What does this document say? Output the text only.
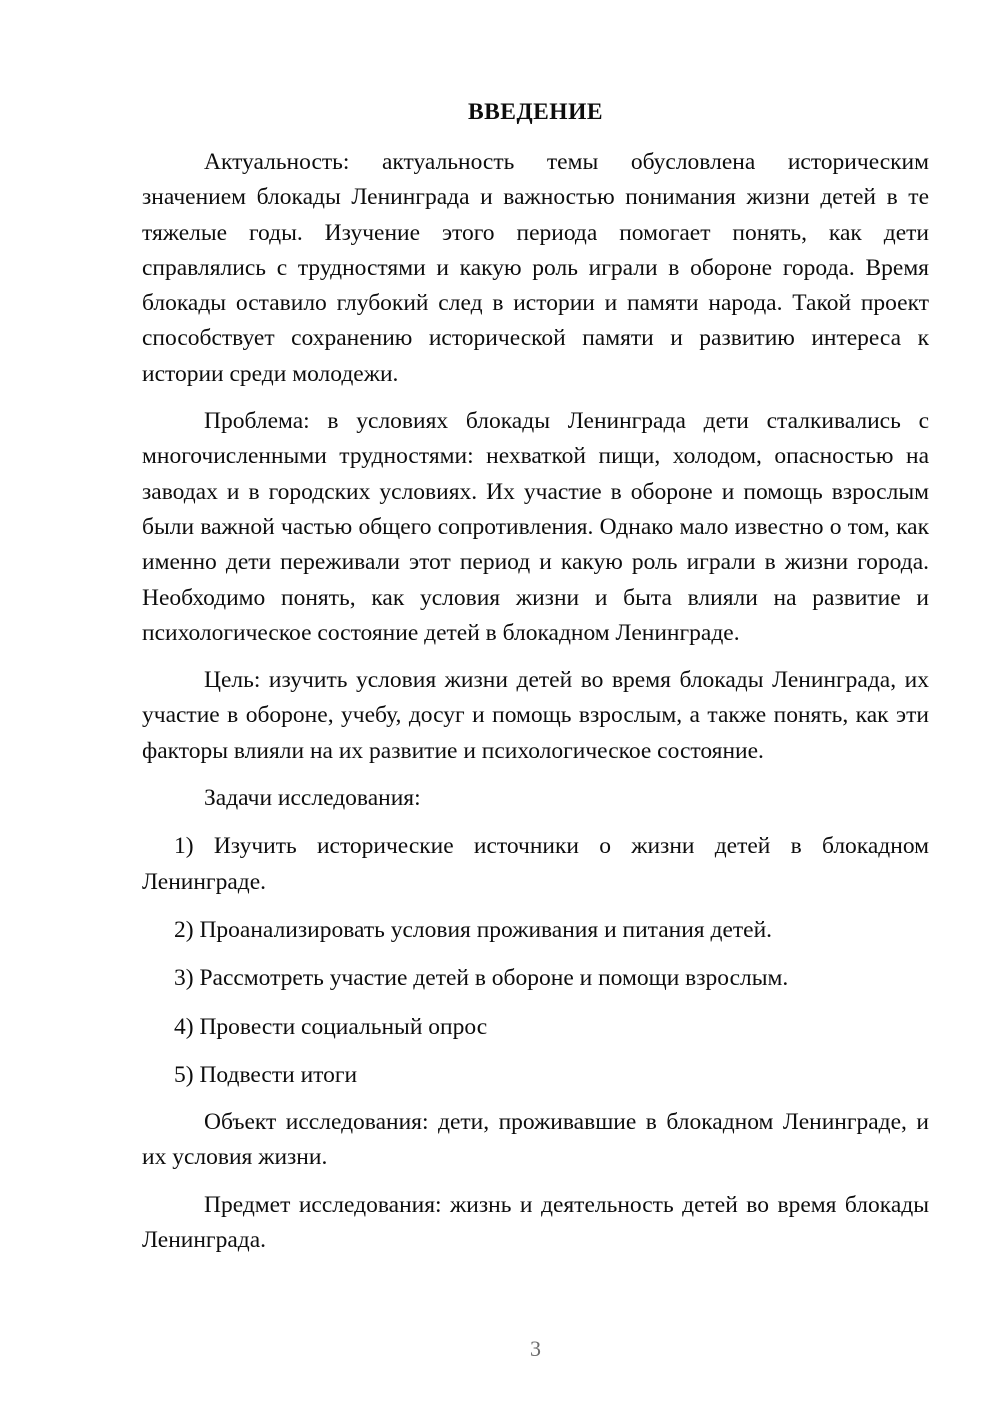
ВВЕДЕНИЕ

Актуальность: актуальность темы обусловлена историческим значением блокады Ленинграда и важностью понимания жизни детей в те тяжелые годы. Изучение этого периода помогает понять, как дети справлялись с трудностями и какую роль играли в обороне города. Время блокады оставило глубокий след в истории и памяти народа. Такой проект способствует сохранению исторической памяти и развитию интереса к истории среди молодежи.

Проблема: в условиях блокады Ленинграда дети сталкивались с многочисленными трудностями: нехваткой пищи, холодом, опасностью на заводах и в городских условиях. Их участие в обороне и помощь взрослым были важной частью общего сопротивления. Однако мало известно о том, как именно дети переживали этот период и какую роль играли в жизни города. Необходимо понять, как условия жизни и быта влияли на развитие и психологическое состояние детей в блокадном Ленинграде.

Цель: изучить условия жизни детей во время блокады Ленинграда, их участие в обороне, учебу, досуг и помощь взрослым, а также понять, как эти факторы влияли на их развитие и психологическое состояние.

Задачи исследования:

1) Изучить исторические источники о жизни детей в блокадном Ленинграде.

2) Проанализировать условия проживания и питания детей.

3) Рассмотреть участие детей в обороне и помощи взрослым.

4) Провести социальный опрос

5) Подвести итоги

Объект исследования: дети, проживавшие в блокадном Ленинграде, и их условия жизни.

Предмет исследования: жизнь и деятельность детей во время блокады Ленинграда.

3
